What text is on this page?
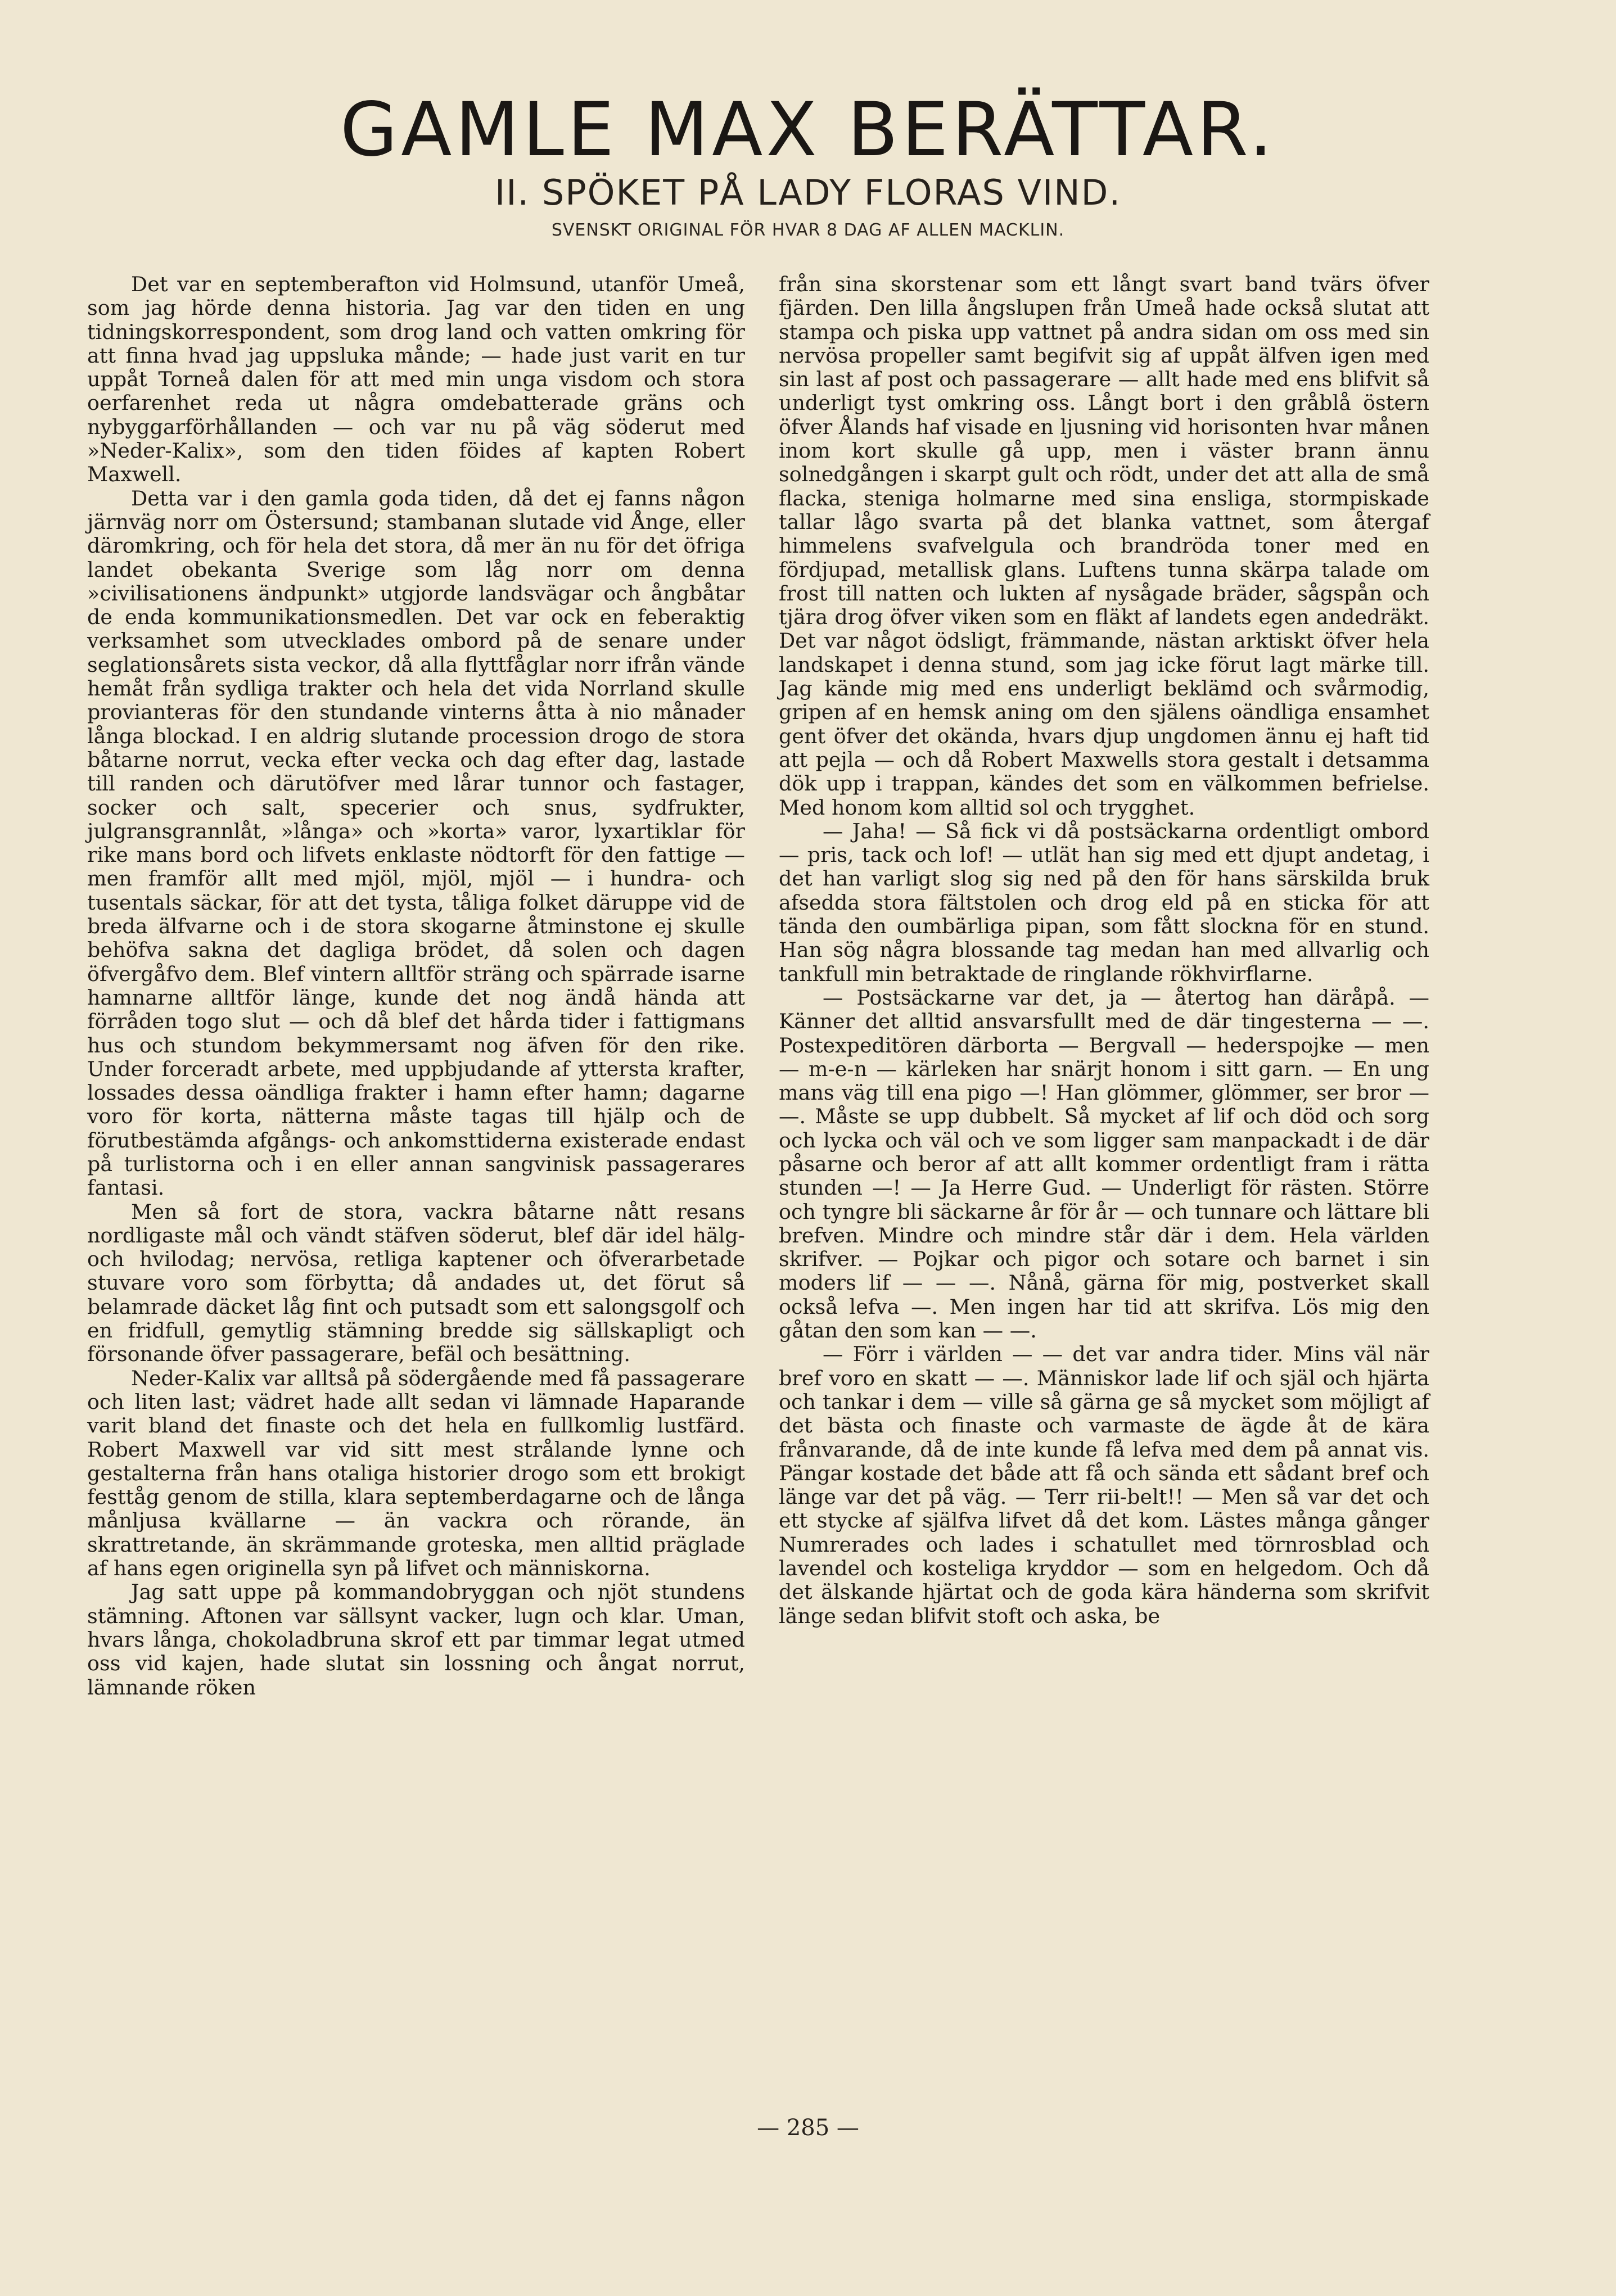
GAMLE MAX BERÄTTAR.
II. SPÖKET PÅ LADY FLORAS VIND.
SVENSKT ORIGINAL FÖR HVAR 8 DAG AF ALLEN MACKLIN.

Det var en septemberafton vid Holmsund, utanför Umeå, som jag hörde denna historia. Jag var den tiden en ung tidningskorrespondent, som drog land och vatten omkring för att finna hvad jag uppsluka månde; — hade just varit en tur uppåt Torneå dalen för att med min unga visdom och stora oerfarenhet reda ut några omdebatterade gräns och nybyggarförhållanden — och var nu på väg söderut med »Neder-Kalix», som den tiden föides af kapten Robert Maxwell.

Detta var i den gamla goda tiden, då det ej fanns någon järnväg norr om Östersund; stambanan slutade vid Ånge, eller däromkring, och för hela det stora, då mer än nu för det öfriga landet obekanta Sverige som låg norr om denna »civilisationens ändpunkt» utgjorde landsvägar och ångbåtar de enda kommunikationsmedlen. Det var ock en feberaktig verksamhet som utvecklades ombord på de senare under seglationsårets sista veckor, då alla flyttfåglar norr ifrån vände hemåt från sydliga trakter och hela det vida Norrland skulle provianteras för den stundande vinterns åtta à nio månader långa blockad. I en aldrig slutande procession drogo de stora båtarne norrut, vecka efter vecka och dag efter dag, lastade till randen och därutöfver med lårar tunnor och fastager, socker och salt, specerier och snus, sydfrukter, julgransgrannlåt, »långa» och »korta» varor, lyxartiklar för rike mans bord och lifvets enklaste nödtorft för den fattige — men framför allt med mjöl, mjöl, mjöl — i hundra- och tusentals säckar, för att det tysta, tåliga folket däruppe vid de breda älfvarne och i de stora skogarne åtminstone ej skulle behöfva sakna det dagliga brödet, då solen och dagen öfvergåfvo dem. Blef vintern alltför sträng och spärrade isarne hamnarne alltför länge, kunde det nog ändå hända att förråden togo slut — och då blef det hårda tider i fattigmans hus och stundom bekymmersamt nog äfven för den rike. Under forceradt arbete, med uppbjudande af yttersta krafter, lossades dessa oändliga frakter i hamn efter hamn; dagarne voro för korta, nätterna måste tagas till hjälp och de förutbestämda afgångs- och ankomsttiderna existerade endast på turlistorna och i en eller annan sangvinisk passagerares fantasi.

Men så fort de stora, vackra båtarne nått resans nordligaste mål och vändt stäfven söderut, blef där idel hälg- och hvilodag; nervösa, retliga kaptener och öfverarbetade stuvare voro som förbytta; då andades ut, det förut så belamrade däcket låg fint och putsadt som ett salongsgolf och en fridfull, gemytlig stämning bredde sig sällskapligt och försonande öfver passagerare, befäl och besättning.

Neder-Kalix var alltså på södergående med få passagerare och liten last; vädret hade allt sedan vi lämnade Haparande varit bland det finaste och det hela en fullkomlig lustfärd. Robert Maxwell var vid sitt mest strålande lynne och gestalterna från hans otaliga historier drogo som ett brokigt festtåg genom de stilla, klara septemberdagarne och de långa månljusa kvällarne — än vackra och rörande, än skrattretande, än skrämmande groteska, men alltid präglade af hans egen originella syn på lifvet och människorna.

Jag satt uppe på kommandobryggan och njöt stundens stämning. Aftonen var sällsynt vacker, lugn och klar. Uman, hvars långa, chokoladbruna skrof ett par timmar legat utmed oss vid kajen, hade slutat sin lossning och ångat norrut, lämnande röken

från sina skorstenar som ett långt svart band tvärs öfver fjärden. Den lilla ångslupen från Umeå hade också slutat att stampa och piska upp vattnet på andra sidan om oss med sin nervösa propeller samt begifvit sig af uppåt älfven igen med sin last af post och passagerare — allt hade med ens blifvit så underligt tyst omkring oss. Långt bort i den gråblå östern öfver Ålands haf visade en ljusning vid horisonten hvar månen inom kort skulle gå upp, men i väster brann ännu solnedgången i skarpt gult och rödt, under det att alla de små flacka, steniga holmarne med sina ensliga, stormpiskade tallar lågo svarta på det blanka vattnet, som återgaf himmelens svafvelgula och brandröda toner med en fördjupad, metallisk glans. Luftens tunna skärpa talade om frost till natten och lukten af nysågade bräder, sågspån och tjära drog öfver viken som en fläkt af landets egen andedräkt. Det var något ödsligt, främmande, nästan arktiskt öfver hela landskapet i denna stund, som jag icke förut lagt märke till. Jag kände mig med ens underligt beklämd och svårmodig, gripen af en hemsk aning om den själens oändliga ensamhet gent öfver det okända, hvars djup ungdomen ännu ej haft tid att pejla — och då Robert Maxwells stora gestalt i detsamma dök upp i trappan, kändes det som en välkommen befrielse. Med honom kom alltid sol och trygghet.

— Jaha! — Så fick vi då postsäckarna ordentligt ombord — pris, tack och lof! — utlät han sig med ett djupt andetag, i det han varligt slog sig ned på den för hans särskilda bruk afsedda stora fältstolen och drog eld på en sticka för att tända den oumbärliga pipan, som fått slockna för en stund. Han sög några blossande tag medan han med allvarlig och tankfull min betraktade de ringlande rökhvirflarne.

— Postsäckarne var det, ja — återtog han däråpå. — Känner det alltid ansvarsfullt med de där tingesterna — —. Postexpeditören därborta — Bergvall — hederspojke — men — m-e-n — kärleken har snärjt honom i sitt garn. — En ung mans väg till ena pigo —! Han glömmer, glömmer, ser bror — —. Måste se upp dubbelt. Så mycket af lif och död och sorg och lycka och väl och ve som ligger sam manpackadt i de där påsarne och beror af att allt kommer ordentligt fram i rätta stunden —! — Ja Herre Gud. — Underligt för rästen. Större och tyngre bli säckarne år för år — och tunnare och lättare bli brefven. Mindre och mindre står där i dem. Hela världen skrifver. — Pojkar och pigor och sotare och barnet i sin moders lif — — —. Nånå, gärna för mig, postverket skall också lefva —. Men ingen har tid att skrifva. Lös mig den gåtan den som kan — —.

— Förr i världen — — det var andra tider. Mins väl när bref voro en skatt — —. Människor lade lif och själ och hjärta och tankar i dem — ville så gärna ge så mycket som möjligt af det bästa och finaste och varmaste de ägde åt de kära frånvarande, då de inte kunde få lefva med dem på annat vis. Pängar kostade det både att få och sända ett sådant bref och länge var det på väg. — Terr rii-belt!! — Men så var det och ett stycke af själfva lifvet då det kom. Lästes många gånger Numrerades och lades i schatullet med törnrosblad och lavendel och kosteliga kryddor — som en helgedom. Och då det älskande hjärtat och de goda kära händerna som skrifvit länge sedan blifvit stoft och aska, be

— 285 —
